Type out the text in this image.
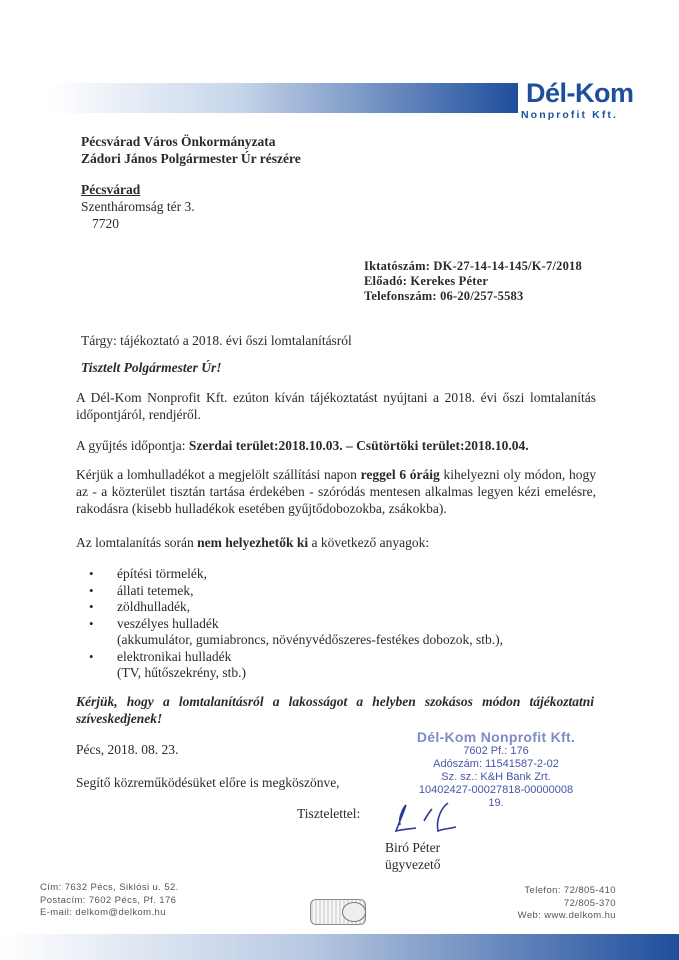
Dél-Kom
Nonprofit Kft.
Pécsvárad Város Önkormányzata
Zádori János Polgármester Úr részére
Pécsvárad
Szentháromság tér 3.
7720
Iktatószám: DK-27-14-14-145/K-7/2018
Előadó: Kerekes Péter
Telefonszám: 06-20/257-5583
Tárgy: tájékoztató a 2018. évi őszi lomtalanításról
Tisztelt Polgármester Úr!
A Dél-Kom Nonprofit Kft. ezúton kíván tájékoztatást nyújtani a 2018. évi őszi lomtalanítás időpontjáról, rendjéről.
A gyűjtés időpontja: Szerdai terület:2018.10.03. – Csütörtöki terület:2018.10.04.
Kérjük a lomhulladékot a megjelölt szállítási napon reggel 6 óráig kihelyezni oly módon, hogy az - a közterület tisztán tartása érdekében - szóródás mentesen alkalmas legyen kézi emelésre, rakodásra (kisebb hulladékok esetében gyűjtődobozokba, zsákokba).
Az lomtalanítás során nem helyezhetők ki a következő anyagok:
• építési törmelék,
• állati tetemek,
• zöldhulladék,
• veszélyes hulladék
(akkumulátor, gumiabroncs, növényvédőszeres-festékes dobozok, stb.),
• elektronikai hulladék
(TV, hűtőszekrény, stb.)
Kérjük, hogy a lomtalanításról a lakosságot a helyben szokásos módon tájékoztatni szíveskedjenek!
Pécs, 2018. 08. 23.
Segítő közreműködésüket előre is megköszönve,
Tisztelettel:
Biró Péter
ügyvezető
Dél-Kom Nonprofit Kft.
7602 Pf.: 176
Adószám: 11541587-2-02
Sz. sz.: K&H Bank Zrt.
10402427-00027818-00000008
19.
Cím: 7632 Pécs, Siklósi u. 52.
Postacím: 7602 Pécs, Pf. 176
E-mail: delkom@delkom.hu
Telefon: 72/805-410
72/805-370
Web: www.delkom.hu
